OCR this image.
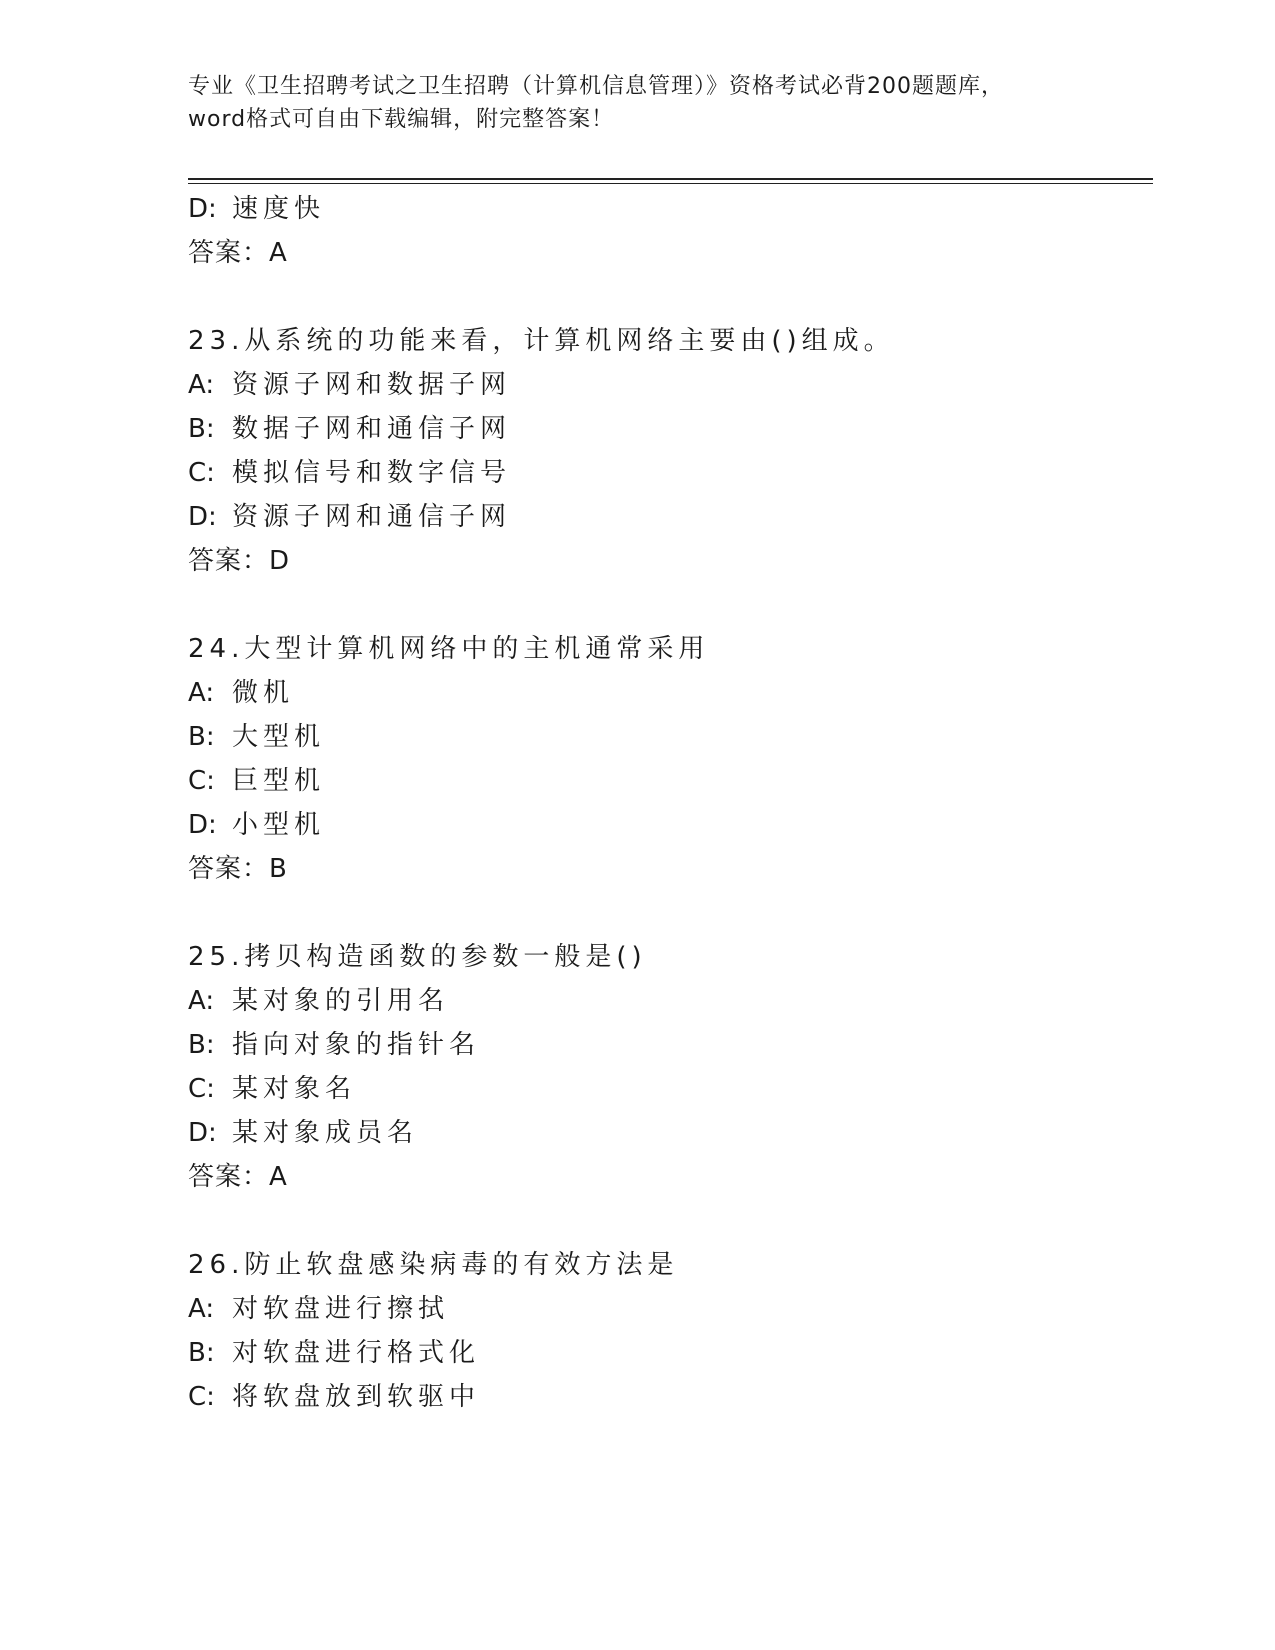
专业《卫生招聘考试之卫生招聘（计算机信息管理）》资格考试必背200题题库，
word格式可自由下载编辑，附完整答案！
D: 速度快
答案：A
23.从系统的功能来看，计算机网络主要由()组成。
A: 资源子网和数据子网
B: 数据子网和通信子网
C: 模拟信号和数字信号
D: 资源子网和通信子网
答案：D
24.大型计算机网络中的主机通常采用
A: 微机
B: 大型机
C: 巨型机
D: 小型机
答案：B
25.拷贝构造函数的参数一般是()
A: 某对象的引用名
B: 指向对象的指针名
C: 某对象名
D: 某对象成员名
答案：A
26.防止软盘感染病毒的有效方法是
A: 对软盘进行擦拭
B: 对软盘进行格式化
C: 将软盘放到软驱中
